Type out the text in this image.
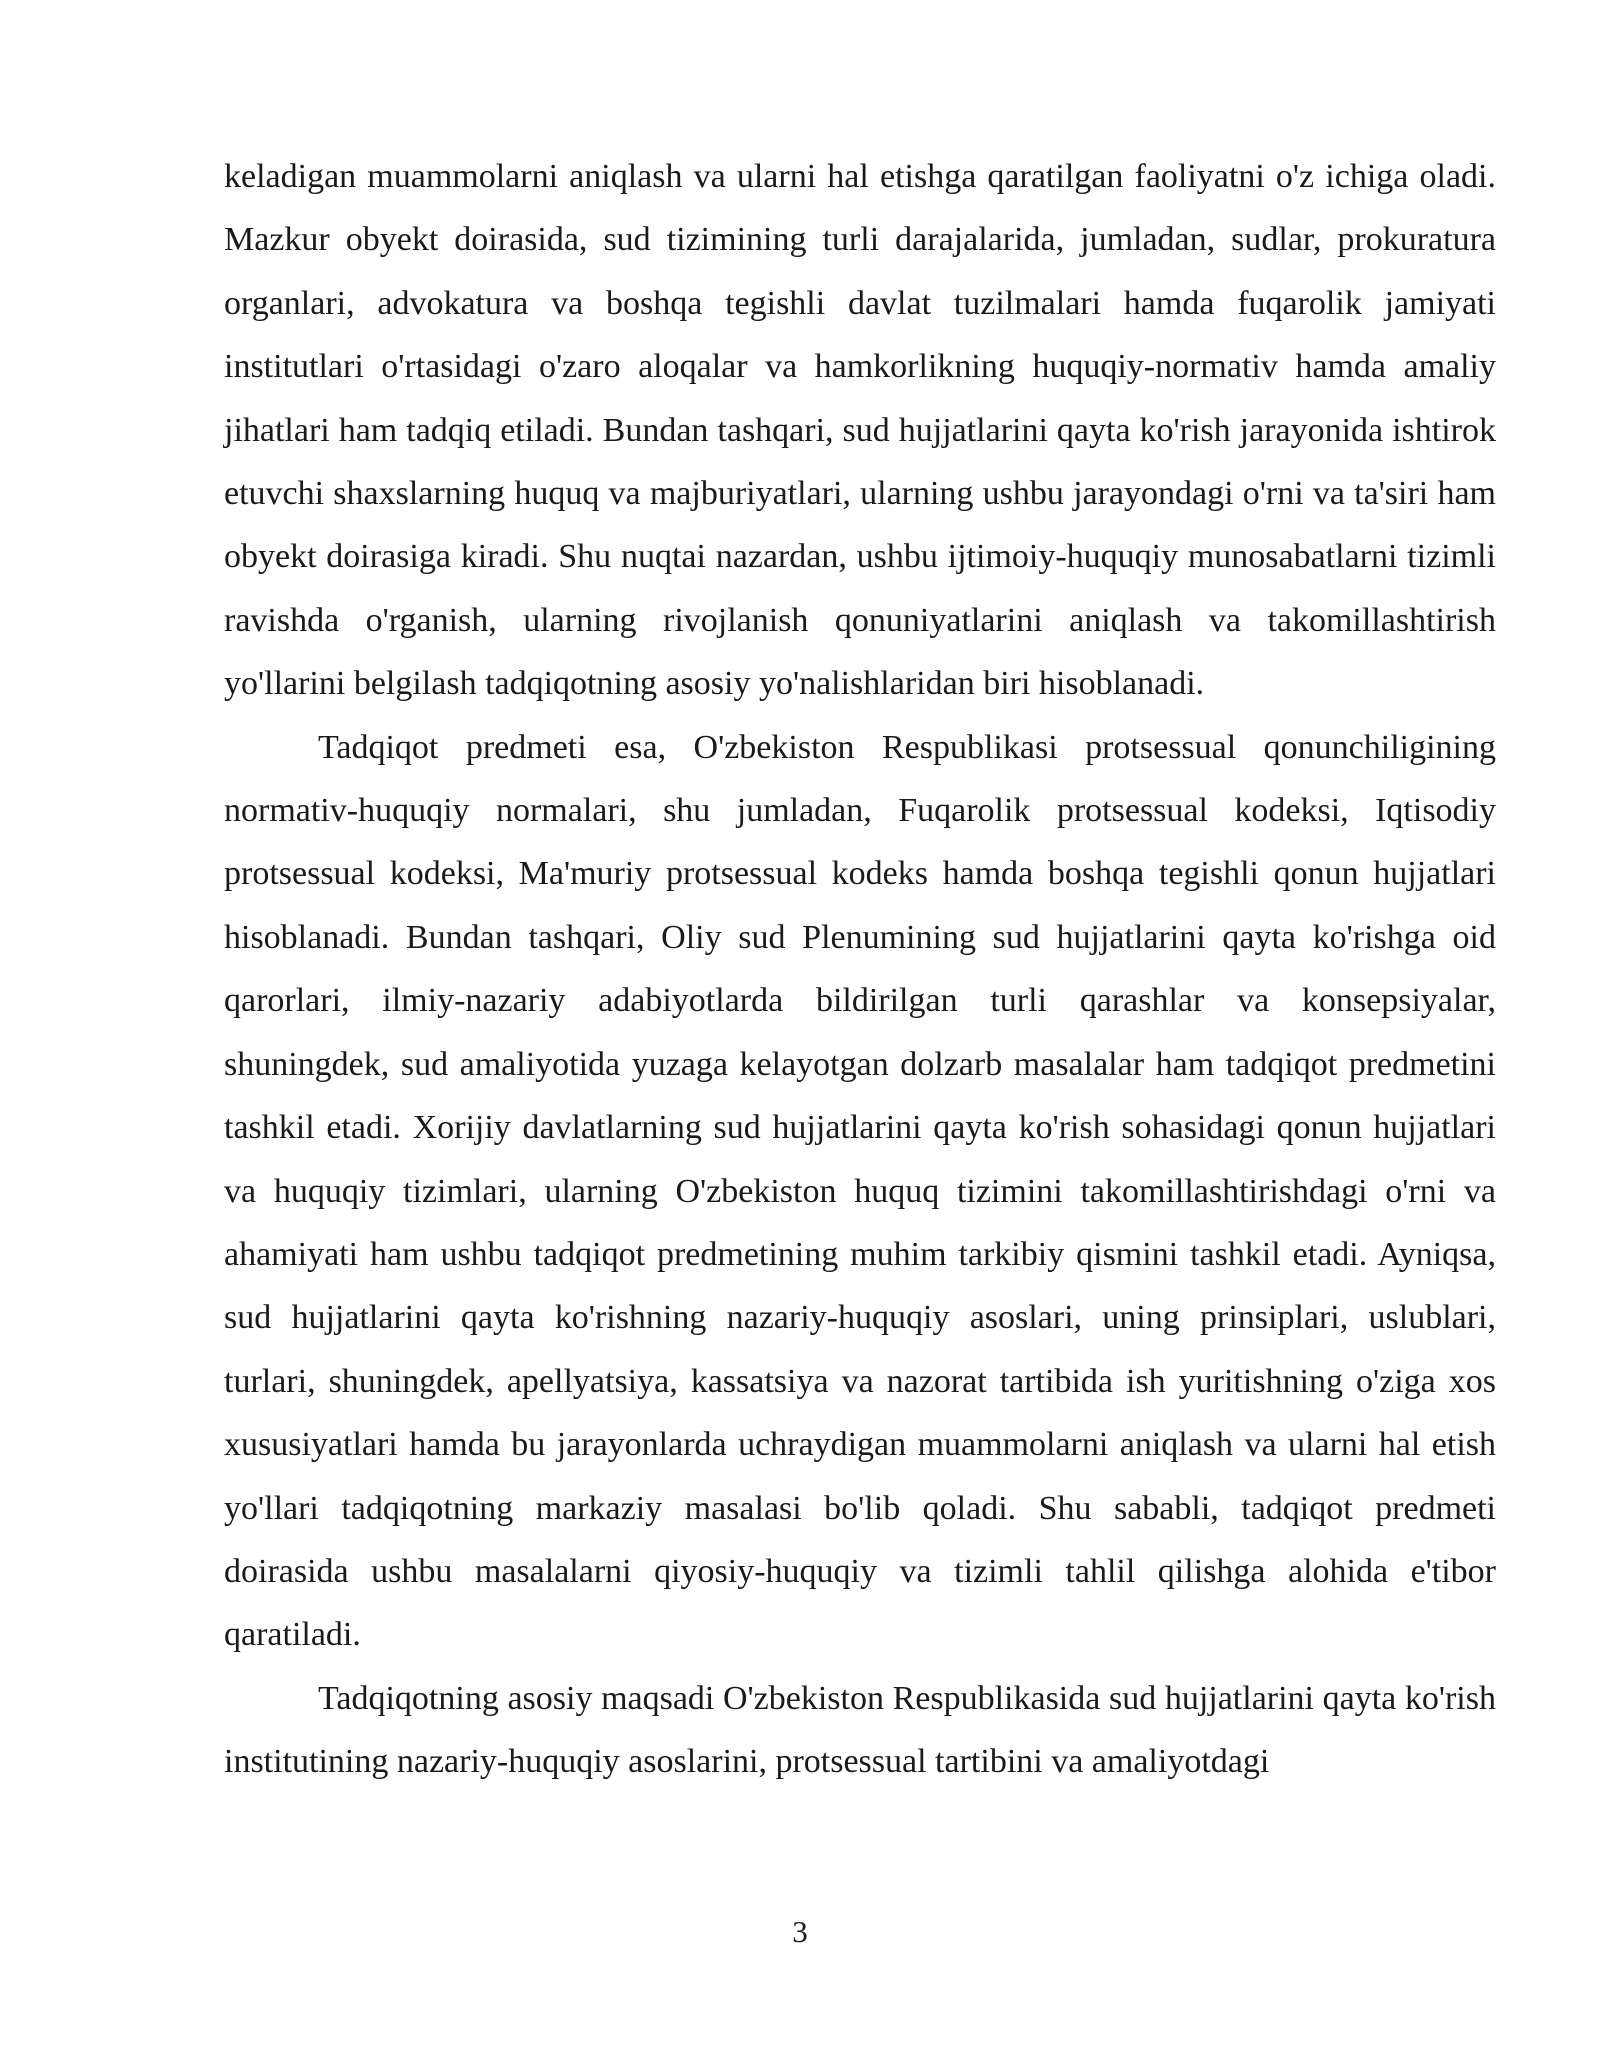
keladigan muammolarni aniqlash va ularni hal etishga qaratilgan faoliyatni o'z ichiga oladi. Mazkur obyekt doirasida, sud tizimining turli darajalarida, jumladan, sudlar, prokuratura organlari, advokatura va boshqa tegishli davlat tuzilmalari hamda fuqarolik jamiyati institutlari o'rtasidagi o'zaro aloqalar va hamkorlikning huquqiy-normativ hamda amaliy jihatlari ham tadqiq etiladi. Bundan tashqari, sud hujjatlarini qayta ko'rish jarayonida ishtirok etuvchi shaxslarning huquq va majburiyatlari, ularning ushbu jarayondagi o'rni va ta'siri ham obyekt doirasiga kiradi. Shu nuqtai nazardan, ushbu ijtimoiy-huquqiy munosabatlarni tizimli ravishda o'rganish, ularning rivojlanish qonuniyatlarini aniqlash va takomillashtirish yo'llarini belgilash tadqiqotning asosiy yo'nalishlaridan biri hisoblanadi.

Tadqiqot predmeti esa, O'zbekiston Respublikasi protsessual qonunchiligining normativ-huquqiy normalari, shu jumladan, Fuqarolik protsessual kodeksi, Iqtisodiy protsessual kodeksi, Ma'muriy protsessual kodeks hamda boshqa tegishli qonun hujjatlari hisoblanadi. Bundan tashqari, Oliy sud Plenumining sud hujjatlarini qayta ko'rishga oid qarorlari, ilmiy-nazariy adabiyotlarda bildirilgan turli qarashlar va konsepsiyalar, shuningdek, sud amaliyotida yuzaga kelayotgan dolzarb masalalar ham tadqiqot predmetini tashkil etadi. Xorijiy davlatlarning sud hujjatlarini qayta ko'rish sohasidagi qonun hujjatlari va huquqiy tizimlari, ularning O'zbekiston huquq tizimini takomillashtirishdagi o'rni va ahamiyati ham ushbu tadqiqot predmetining muhim tarkibiy qismini tashkil etadi. Ayniqsa, sud hujjatlarini qayta ko'rishning nazariy-huquqiy asoslari, uning prinsiplari, uslublari, turlari, shuningdek, apellyatsiya, kassatsiya va nazorat tartibida ish yuritishning o'ziga xos xususiyatlari hamda bu jarayonlarda uchraydigan muammolarni aniqlash va ularni hal etish yo'llari tadqiqotning markaziy masalasi bo'lib qoladi. Shu sababli, tadqiqot predmeti doirasida ushbu masalalarni qiyosiy-huquqiy va tizimli tahlil qilishga alohida e'tibor qaratiladi.

Tadqiqotning asosiy maqsadi O'zbekiston Respublikasida sud hujjatlarini qayta ko'rish institutining nazariy-huquqiy asoslarini, protsessual tartibini va amaliyotdagi

3
